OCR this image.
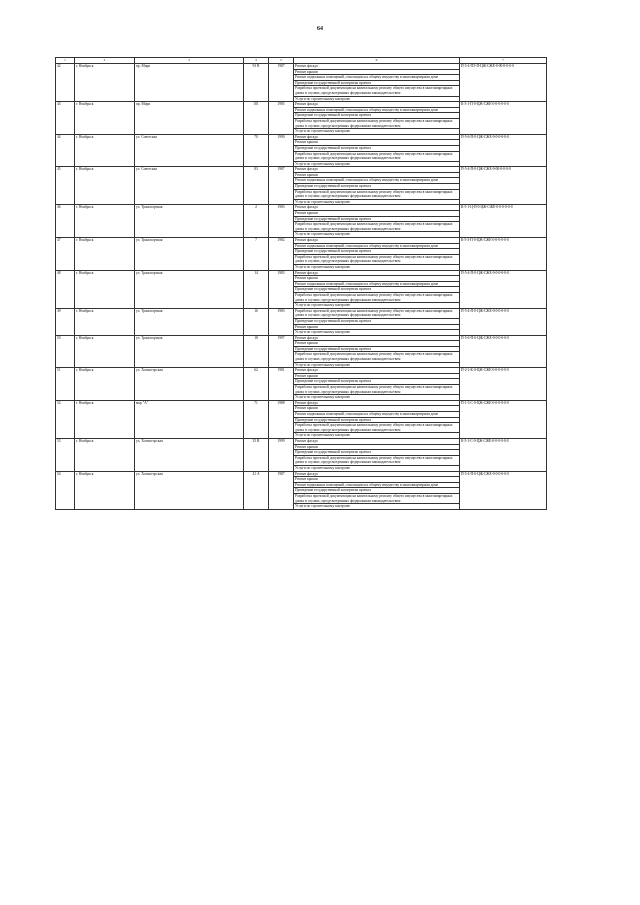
64
1	2	3	4	5	6	7
42	г. Ноябрьск	пр. Мира	93 В	1987	Ремонт фасада	П-5-4-ПЭ-П-ЦЖ-СЖЕ-0-00-0-0-0-0
					Ремонт крыши	
					Ремонт подвальных помещений, относящихся к общему имуществу в многоквартирном доме	
					Проведение государственной экспертизы проекта	
					Разработка проектной документации на капитальному ремонту общего имущества в многоквартирных домах в случаях, предусмотренных федеральным законодательством	
					Услуги по строительному контролю	
43	г. Ноябрьск	пр. Мира	101	1985	Ремонт фасада	К-3-1-П-0-ЦЖ-СЖЕ-0-0-0-0-0-0
					Ремонт подвальных помещений, относящихся к общему имуществу в многоквартирном доме	
					Проведение государственной экспертизы проекта	
					Разработка проектной документации на капитальному ремонту общего имущества в многоквартирных домах в случаях, предусмотренных федеральным законодательством	
					Услуги по строительному контролю	
44	г. Ноябрьск	ул. Советская	70	1990	Ремонт фасада	П-5-6-П-0-ЦЖ-СЖЕ-0-0-0-0-0-0
					Ремонт крыши	
					Проведение государственной экспертизы проекта	
					Разработка проектной документации на капитальному ремонту общего имущества в многоквартирных домах в случаях, предусмотренных федеральным законодательством	
					Услуги по строительному контролю	
45	г. Ноябрьск	ул. Советская	83	1987	Ремонт фасада	П-5-4-П-0-ЦЖ-СЖЕ-0-00-0-0-0-0
					Ремонт крыши	
					Ремонт подвальных помещений, относящихся к общему имуществу в многоквартирном доме	
					Проведение государственной экспертизы проекта	
					Разработка проектной документации на капитальному ремонту общего имущества в многоквартирных домах в случаях, предусмотренных федеральным законодательством	
					Услуги по строительному контролю	
46	г. Ноябрьск	ул. Транспортная	2	1983	Ремонт фасада	К-5-1-Ц-П-0-ЦЖ-СЖЕ-0-0-0-0-0-0
					Ремонт крыши	
					Проведение государственной экспертизы проекта	
					Разработка проектной документации на капитальному ремонту общего имущества в многоквартирных домах в случаях, предусмотренных федеральным законодательством	
					Услуги по строительному контролю	
47	г. Ноябрьск	ул. Транспортная	7	1982	Ремонт фасада	К-5-3-П-0-ЦЖ-СЖЕ-0-0-0-0-0-0
					Ремонт подвальных помещений, относящихся к общему имуществу в многоквартирном доме	
					Проведение государственной экспертизы проекта	
					Разработка проектной документации на капитальному ремонту общего имущества в многоквартирных домах в случаях, предусмотренных федеральным законодательством	
					Услуги по строительному контролю	
48	г. Ноябрьск	ул. Транспортная	14	1983	Ремонт фасада	П-5-4-П-0-ЦЖ-СЖЕ-0-0-0-0-0-0
					Ремонт крыши	
					Ремонт подвальных помещений, относящихся к общему имуществу в многоквартирном доме	
					Проведение государственной экспертизы проекта	
					Разработка проектной документации на капитальному ремонту общего имущества в многоквартирных домах в случаях, предусмотренных федеральным законодательством	
					Услуги по строительному контролю	
49	г. Ноябрьск	ул. Транспортная	16	1983	Разработка проектной документации на капитальному ремонту общего имущества в многоквартирных домах в случаях, предусмотренных федеральным законодательством	П-5-4-П-0-ЦЖ-СЖЕ-0-0-0-0-0-0
					Проведение государственной экспертизы проекта	
					Ремонт крыши	
					Услуги по строительному контролю	
50	г. Ноябрьск	ул. Транспортная	18	1997	Ремонт фасада	П-5-6-П-0-ЦЖ-СЖЕ-0-0-0-0-0-0
					Ремонт крыши	
					Проведение государственной экспертизы проекта	
					Разработка проектной документации на капитальному ремонту общего имущества в многоквартирных домах в случаях, предусмотренных федеральным законодательством	
					Услуги по строительному контролю	
51	г. Ноябрьск	ул. Холмогорская	62	1981	Ремонт фасада	П-2-2-К-0-ЦЖ-СЖЕ-0-0-0-0-0-0
					Ремонт крыши	
					Проведение государственной экспертизы проекта	
					Разработка проектной документации на капитальному ремонту общего имущества в многоквартирных домах в случаях, предусмотренных федеральным законодательством	
					Услуги по строительному контролю	
52	г. Ноябрьск	мкр "А"	71	1988	Ремонт фасада	П-1-3-С-0-ЦЖ-СЖЕ-0-0-0-0-0-0
					Ремонт крыши	
					Ремонт подвальных помещений, относящихся к общему имуществу в многоквартирном доме	
					Проведение государственной экспертизы проекта	
					Разработка проектной документации на капитальному ремонту общего имущества в многоквартирных домах в случаях, предусмотренных федеральным законодательством	
					Услуги по строительному контролю	
53	г. Ноябрьск	ул. Холмогорская	35 В	1999	Ремонт фасада	К-5-1-С-0-ЦЖ-СЖЕ-0-0-0-0-0-0
					Ремонт крыши	
					Проведение государственной экспертизы проекта	
					Разработка проектной документации на капитальному ремонту общего имущества в многоквартирных домах в случаях, предусмотренных федеральным законодательством	
					Услуги по строительному контролю	
54	г. Ноябрьск	ул. Холмогорская	41 А	1987	Ремонт фасада	П-5-4-П-0-ЦЖ-СЖЕ-0-0-0-0-0-0
					Ремонт крыши	
					Ремонт подвальных помещений, относящихся к общему имуществу в многоквартирном доме	
					Проведение государственной экспертизы проекта	
					Разработка проектной документации на капитальному ремонту общего имущества в многоквартирных домах в случаях, предусмотренных федеральным законодательством	
					Услуги по строительному контролю	
